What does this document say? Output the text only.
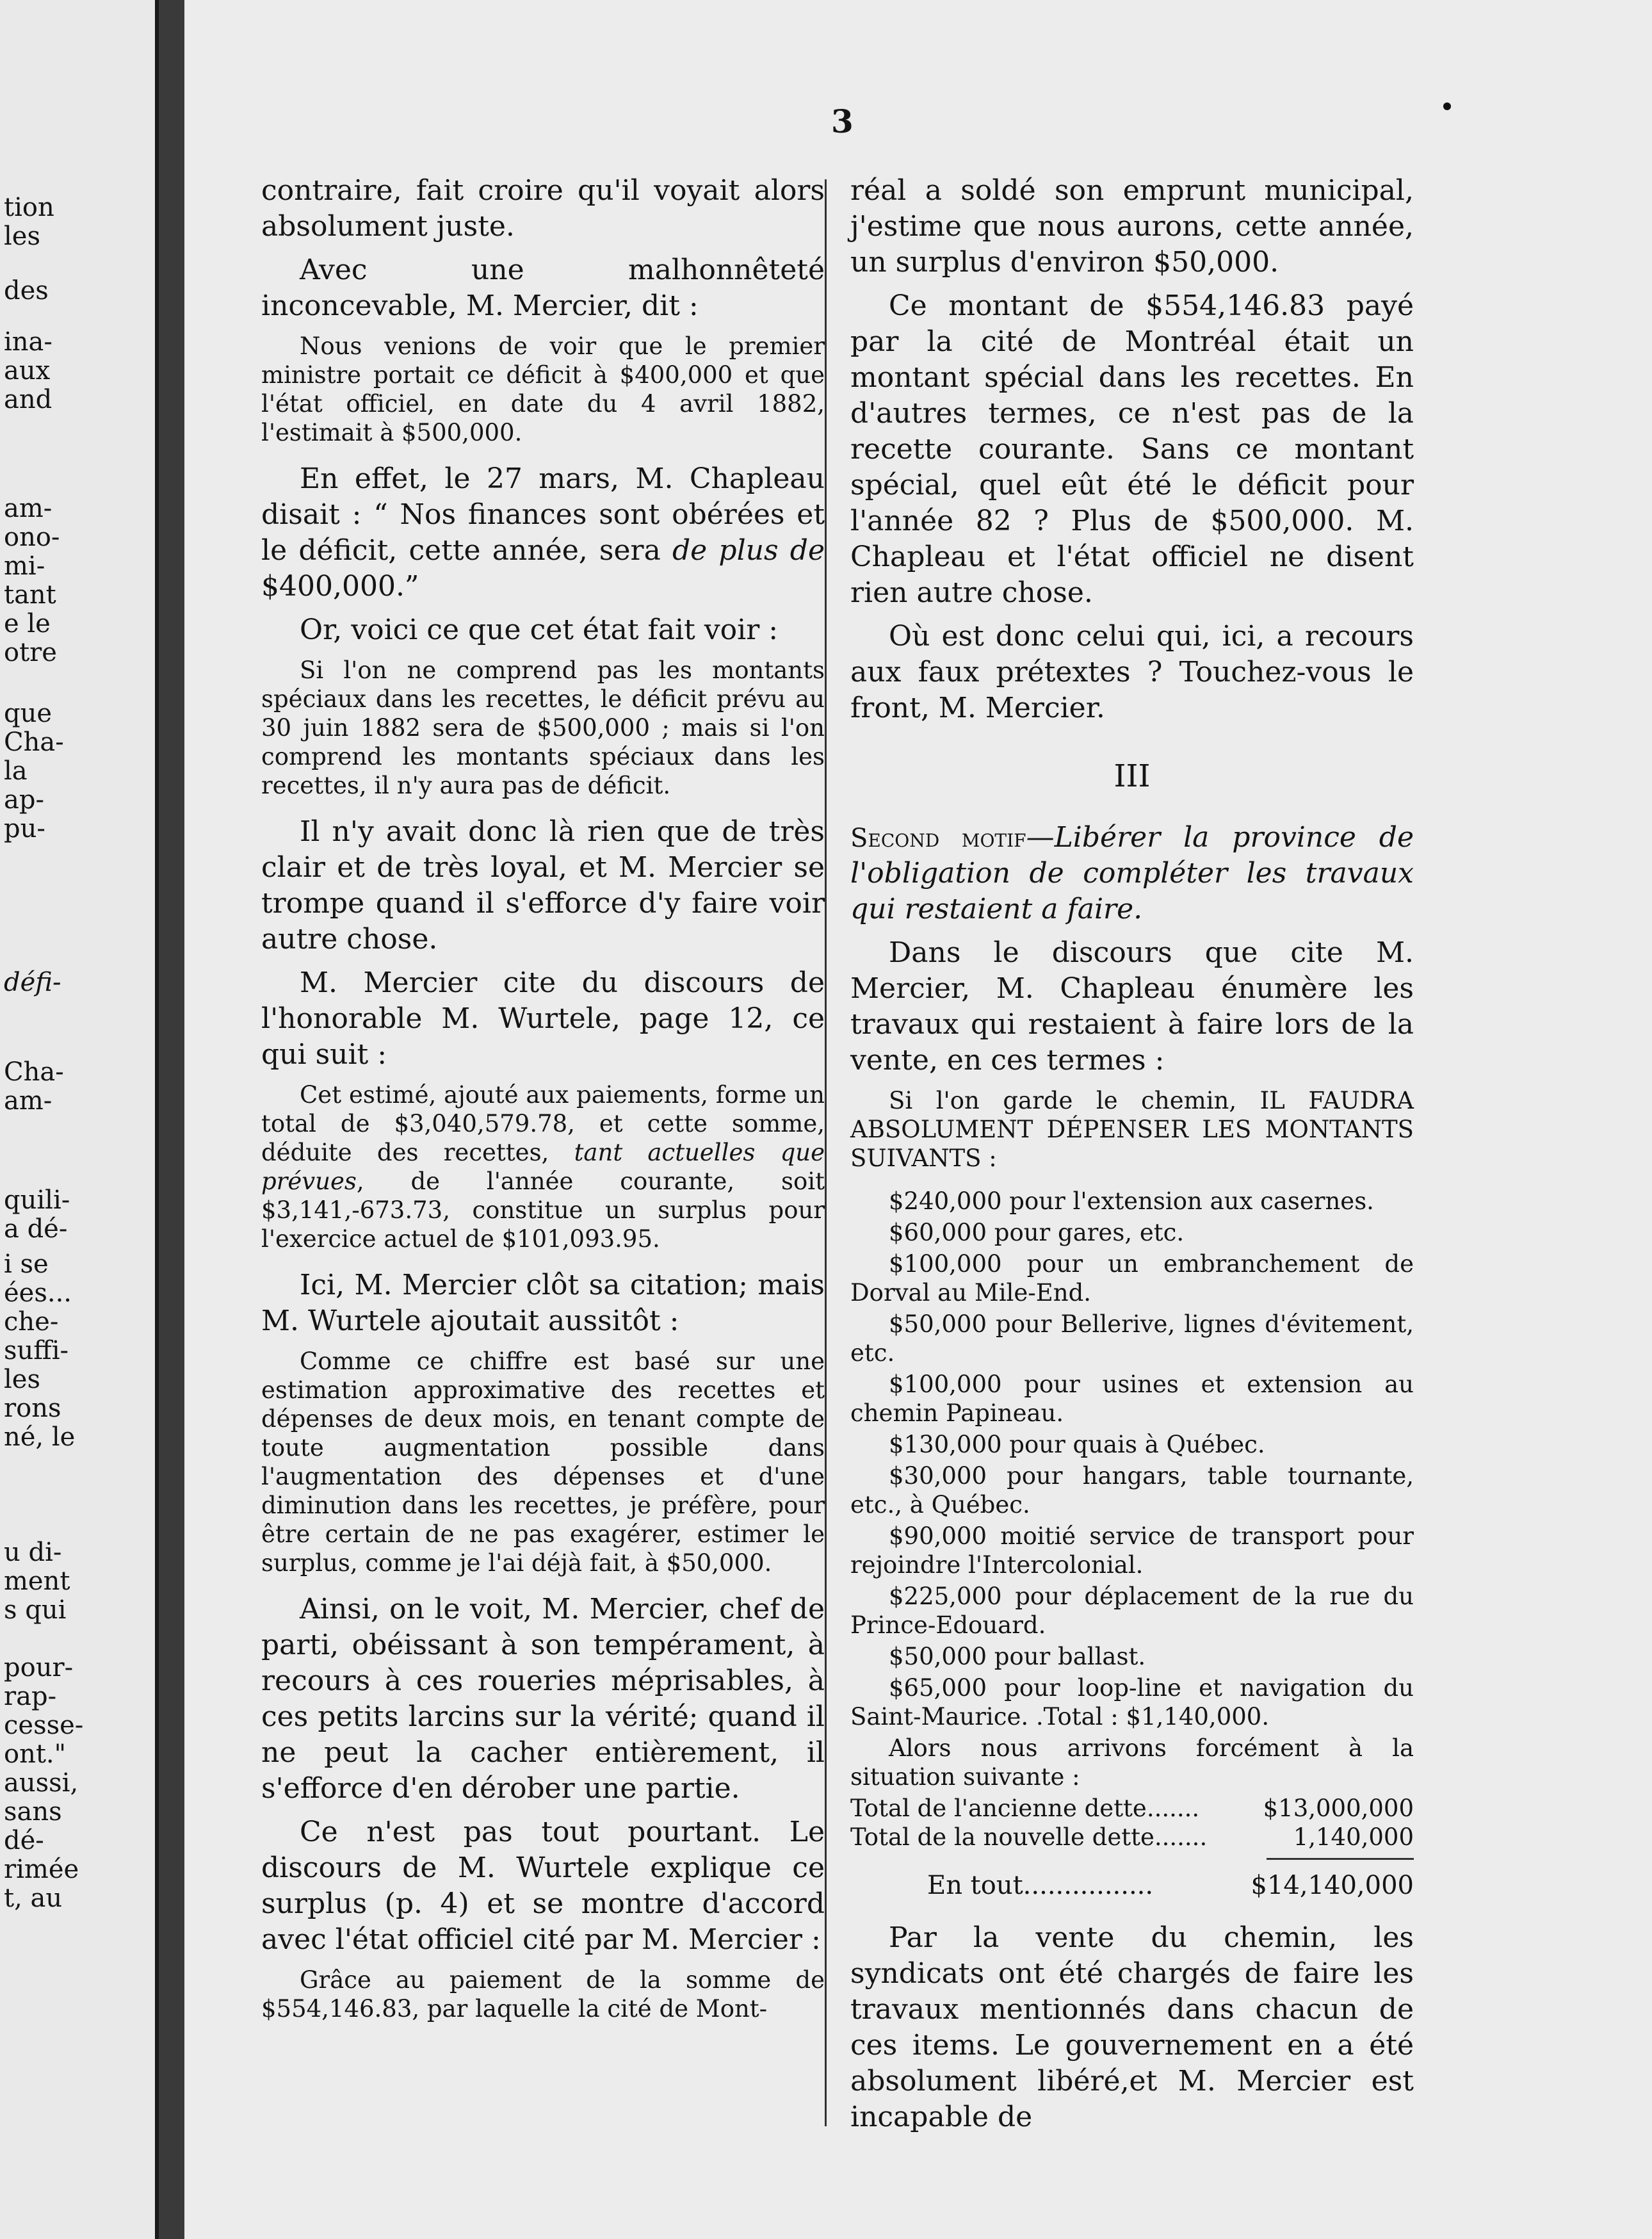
tion
les
des
ina-
aux
and
am-
ono-
mi-
tant
e le
otre
que
Cha-
la
ap-
pu-
défi-
Cha-
am-
quili-
a dé-
i se
ées...
che-
suffi-
les
rons
né, le
u di-
ment
s qui
pour-
rap-
cesse-
ont."
aussi,
sans
dé-
rimée
t, au
3

contraire, fait croire qu'il voyait alors absolument juste.

Avec une malhonnêteté inconcevable, M. Mercier, dit :

Nous venions de voir que le premier ministre portait ce déficit à $400,000 et que l'état officiel, en date du 4 avril 1882, l'estimait à $500,000.

En effet, le 27 mars, M. Chapleau disait : “ Nos finances sont obérées et le déficit, cette année, sera de plus de $400,000.”

Or, voici ce que cet état fait voir :

Si l'on ne comprend pas les montants spéciaux dans les recettes, le déficit prévu au 30 juin 1882 sera de $500,000 ; mais si l'on comprend les montants spéciaux dans les recettes, il n'y aura pas de déficit.

Il n'y avait donc là rien que de très clair et de très loyal, et M. Mercier se trompe quand il s'efforce d'y faire voir autre chose.

M. Mercier cite du discours de l'honorable M. Wurtele, page 12, ce qui suit :

Cet estimé, ajouté aux paiements, forme un total de $3,040,579.78, et cette somme, déduite des recettes, tant actuelles que prévues, de l'année courante, soit $3,141,-673.73, constitue un surplus pour l'exercice actuel de $101,093.95.

Ici, M. Mercier clôt sa citation; mais M. Wurtele ajoutait aussitôt :

Comme ce chiffre est basé sur une estimation approximative des recettes et dépenses de deux mois, en tenant compte de toute augmentation possible dans l'augmentation des dépenses et d'une diminution dans les recettes, je préfère, pour être certain de ne pas exagérer, estimer le surplus, comme je l'ai déjà fait, à $50,000.

Ainsi, on le voit, M. Mercier, chef de parti, obéissant à son tempérament, à recours à ces roueries méprisables, à ces petits larcins sur la vérité; quand il ne peut la cacher entièrement, il s'efforce d'en dérober une partie.

Ce n'est pas tout pourtant. Le discours de M. Wurtele explique ce surplus (p. 4) et se montre d'accord avec l'état officiel cité par M. Mercier :

Grâce au paiement de la somme de $554,146.83, par laquelle la cité de Mont-

réal a soldé son emprunt municipal, j'estime que nous aurons, cette année, un surplus d'environ $50,000.

Ce montant de $554,146.83 payé par la cité de Montréal était un montant spécial dans les recettes. En d'autres termes, ce n'est pas de la recette courante. Sans ce montant spécial, quel eût été le déficit pour l'année 82 ? Plus de $500,000. M. Chapleau et l'état officiel ne disent rien autre chose.

Où est donc celui qui, ici, a recours aux faux prétextes ? Touchez-vous le front, M. Mercier.

III

Second motif—Libérer la province de l'obligation de compléter les travaux qui restaient a faire.

Dans le discours que cite M. Mercier, M. Chapleau énumère les travaux qui restaient à faire lors de la vente, en ces termes :

Si l'on garde le chemin, IL FAUDRA ABSOLUMENT DÉPENSER LES MONTANTS SUIVANTS :

$240,000 pour l'extension aux casernes.

$60,000 pour gares, etc.

$100,000 pour un embranchement de Dorval au Mile-End.

$50,000 pour Bellerive, lignes d'évitement, etc.

$100,000 pour usines et extension au chemin Papineau.

$130,000 pour quais à Québec.

$30,000 pour hangars, table tournante, etc., à Québec.

$90,000 moitié service de transport pour rejoindre l'Intercolonial.

$225,000 pour déplacement de la rue du Prince-Edouard.

$50,000 pour ballast.

$65,000 pour loop-line et navigation du Saint-Maurice. .Total : $1,140,000.

Alors nous arrivons forcément à la situation suivante :

Total de l'ancienne dette.......	$13,000,000
Total de la nouvelle dette.......	1,140,000
En tout................	$14,140,000

Par la vente du chemin, les syndicats ont été chargés de faire les travaux mentionnés dans chacun de ces items. Le gouvernement en a été absolument libéré,et M. Mercier est incapable de
